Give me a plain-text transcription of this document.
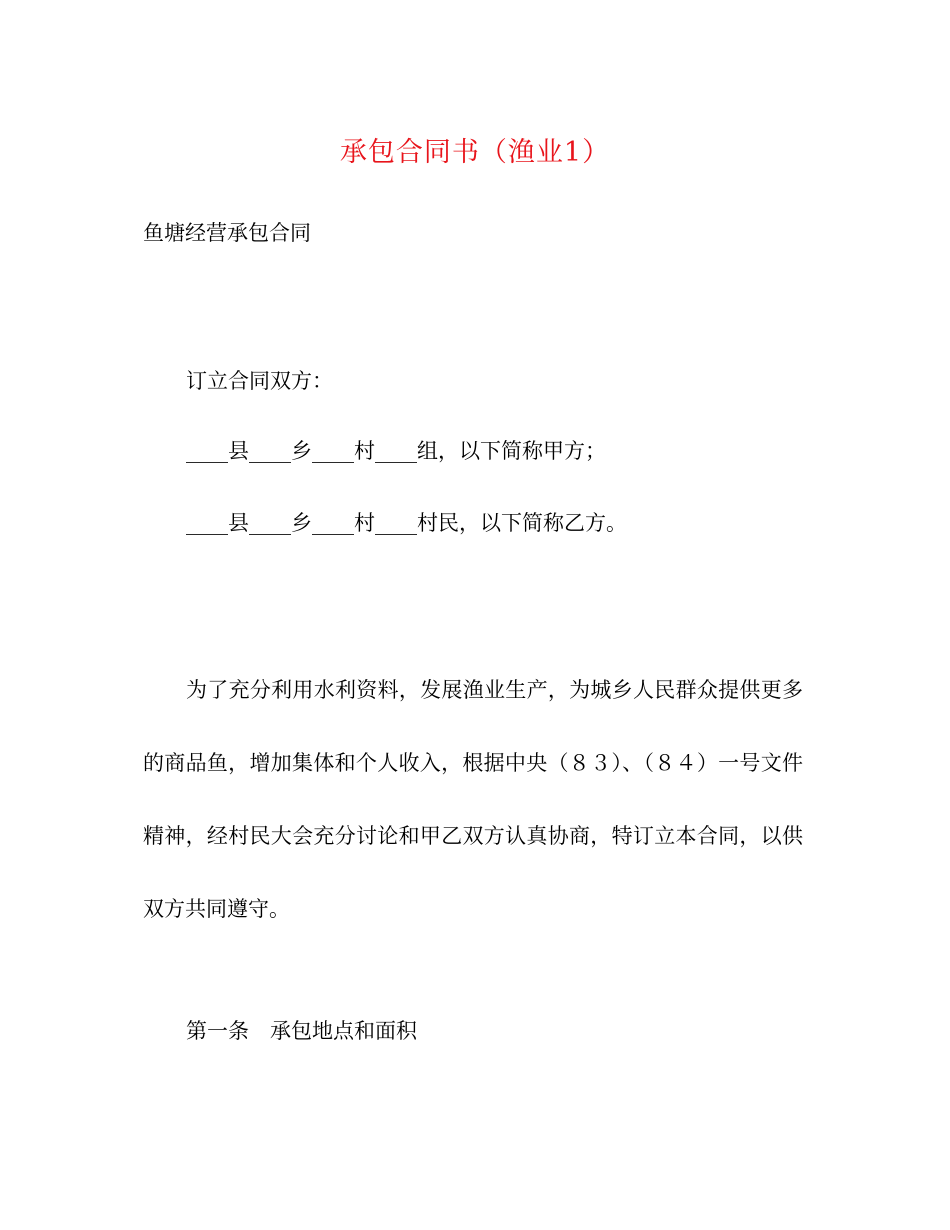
承包合同书（渔业1）
鱼塘经营承包合同
订立合同双方：
____县____乡____村____组，以下简称甲方；
____县____乡____村____村民，以下简称乙方。
为了充分利用水利资料，发展渔业生产，为城乡人民群众提供更多的商品鱼，增加集体和个人收入，根据中央（８３）、（８４）一号文件精神，经村民大会充分讨论和甲乙双方认真协商，特订立本合同，以供双方共同遵守。
第一条　承包地点和面积
